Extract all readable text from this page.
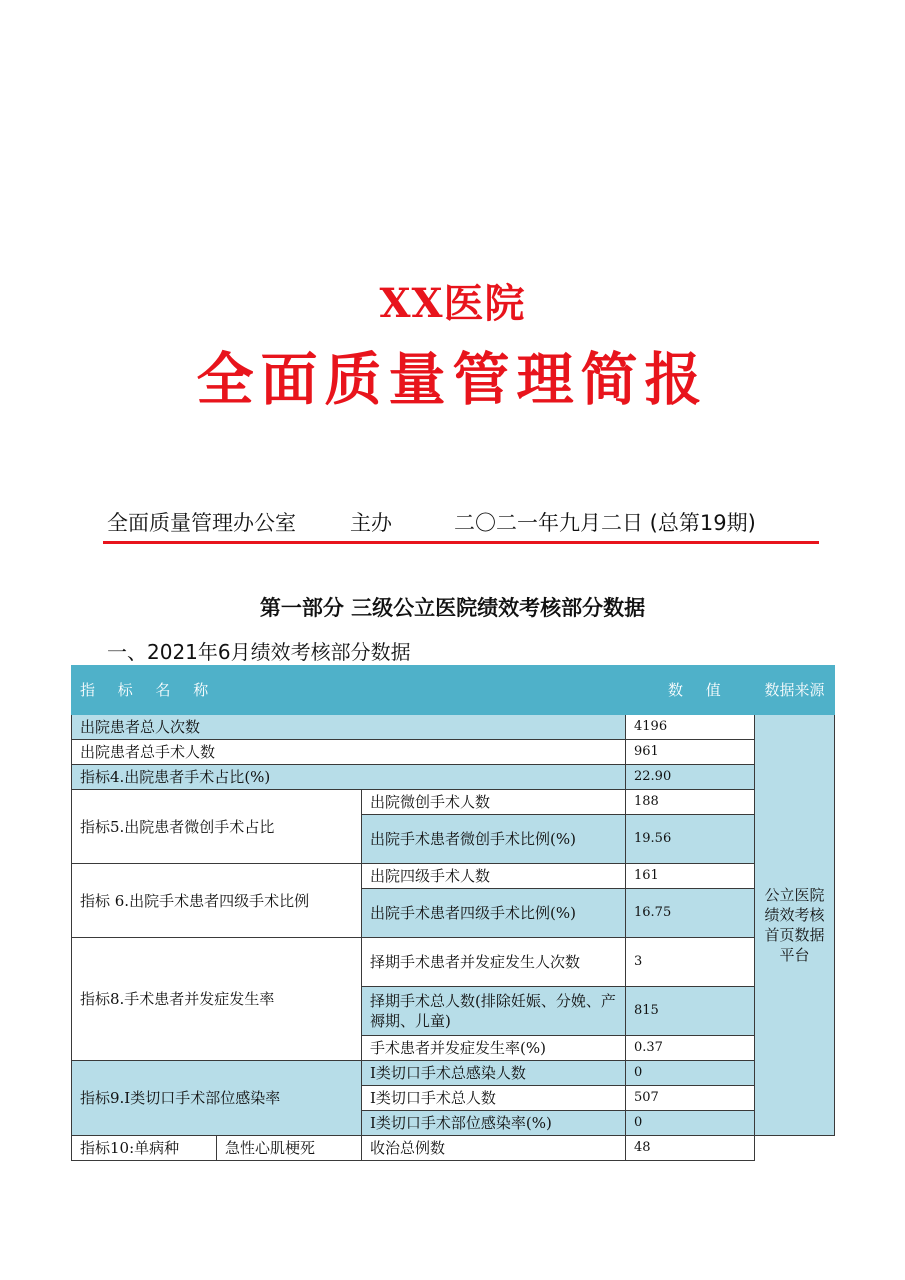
XX医院
全面质量管理简报
全面质量管理办公室	主办	二〇二一年九月二日 (总第19期)
第一部分 三级公立医院绩效考核部分数据
一、2021年6月绩效考核部分数据
指 标 名 称			数 值	数据来源
出院患者总人次数			4196	公立医院绩效考核首页数据平台
出院患者总手术人数			961	
指标4.出院患者手术占比(%)			22.90	
指标5.出院患者微创手术占比		出院微创手术人数	188	
		出院手术患者微创手术比例(%)	19.56	
指标 6.出院手术患者四级手术比例		出院四级手术人数	161	
		出院手术患者四级手术比例(%)	16.75	
指标8.手术患者并发症发生率		择期手术患者并发症发生人次数	3	
		择期手术总人数(排除妊娠、分娩、产褥期、儿童)	815	
		手术患者并发症发生率(%)	0.37	
指标9.I类切口手术部位感染率		I类切口手术总感染人数	0	
		I类切口手术总人数	507	
		I类切口手术部位感染率(%)	0	
指标10:单病种	急性心肌梗死	收治总例数	48	
